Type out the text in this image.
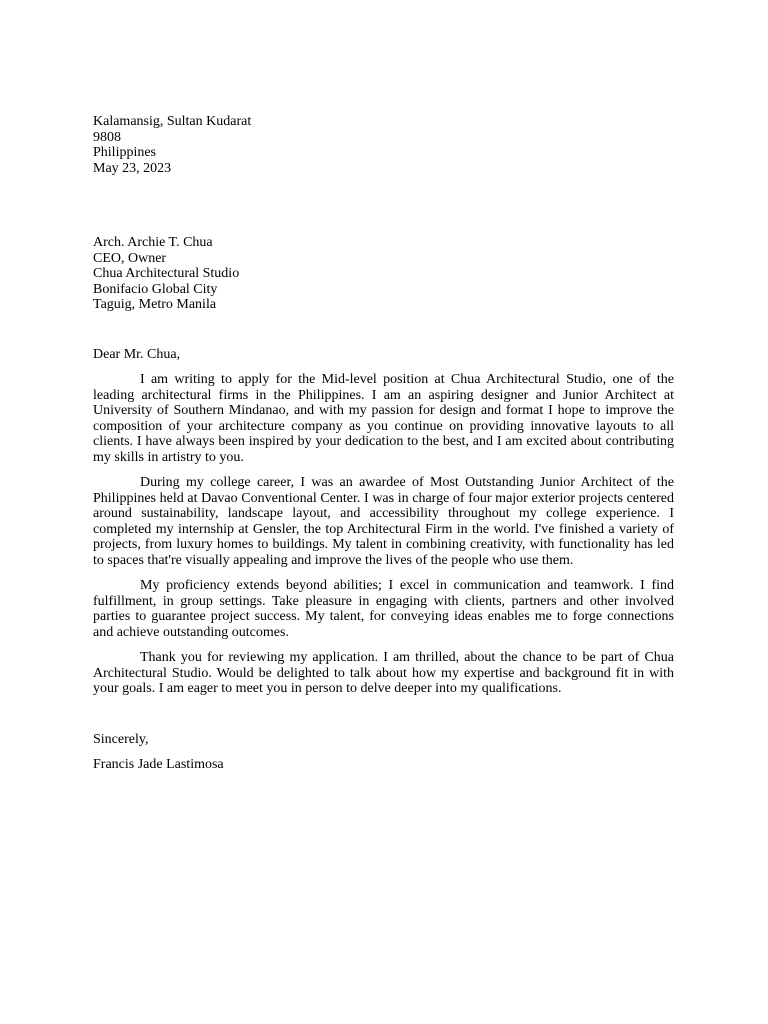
Kalamansig, Sultan Kudarat
9808
Philippines
May 23, 2023
Arch. Archie T. Chua
CEO, Owner
Chua Architectural Studio
Bonifacio Global City
Taguig, Metro Manila
Dear Mr. Chua,

I am writing to apply for the Mid-level position at Chua Architectural Studio, one of the leading architectural firms in the Philippines. I am an aspiring designer and Junior Architect at University of Southern Mindanao, and with my passion for design and format I hope to improve the composition of your architecture company as you continue on providing innovative layouts to all clients. I have always been inspired by your dedication to the best, and I am excited about contributing my skills in artistry to you.

During my college career, I was an awardee of Most Outstanding Junior Architect of the Philippines held at Davao Conventional Center. I was in charge of four major exterior projects centered around sustainability, landscape layout, and accessibility throughout my college experience. I completed my internship at Gensler, the top Architectural Firm in the world. I've finished a variety of projects, from luxury homes to buildings. My talent in combining creativity, with functionality has led to spaces that're visually appealing and improve the lives of the people who use them.

My proficiency extends beyond abilities; I excel in communication and teamwork. I find fulfillment, in group settings. Take pleasure in engaging with clients, partners and other involved parties to guarantee project success. My talent, for conveying ideas enables me to forge connections and achieve outstanding outcomes.

Thank you for reviewing my application. I am thrilled, about the chance to be part of Chua Architectural Studio. Would be delighted to talk about how my expertise and background fit in with your goals. I am eager to meet you in person to delve deeper into my qualifications.

Sincerely,
Francis Jade Lastimosa
